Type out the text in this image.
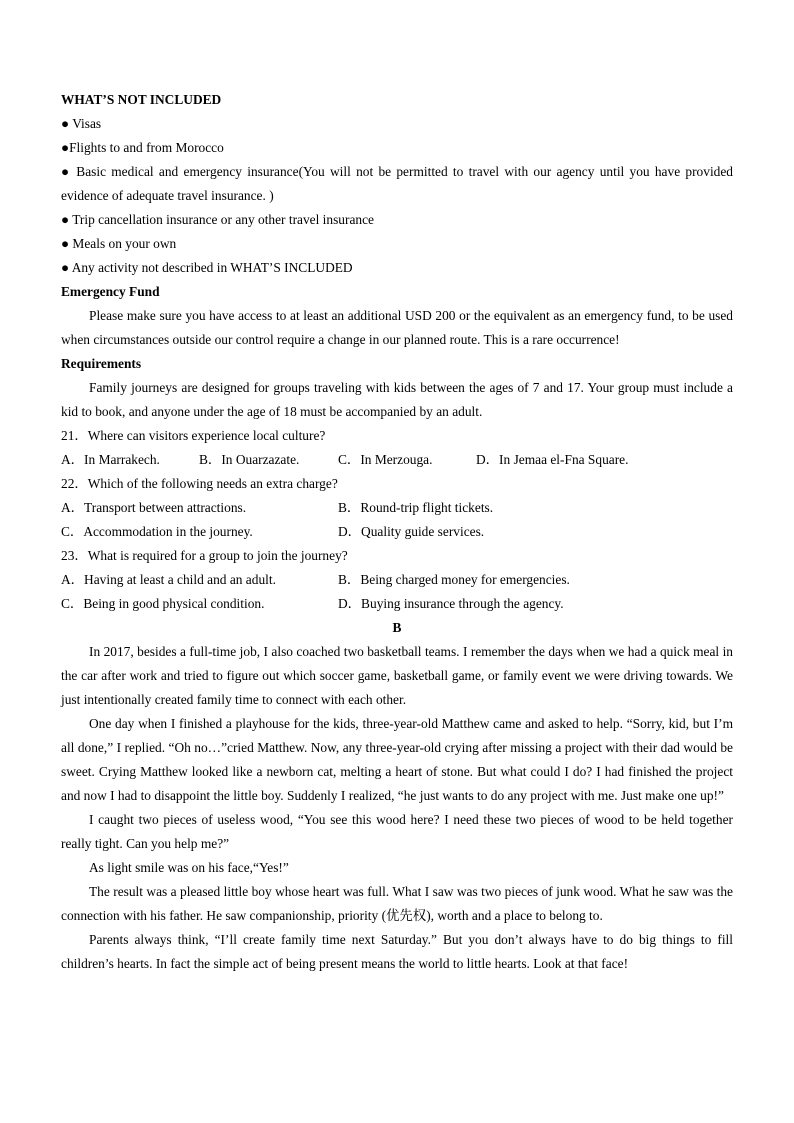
WHAT’S NOT INCLUDED
● Visas
●Flights to and from Morocco

● Basic medical and emergency insurance(You will not be permitted to travel with our agency until you have provided evidence of adequate travel insurance. )

● Trip cancellation insurance or any other travel insurance
● Meals on your own
● Any activity not described in WHAT’S INCLUDED
Emergency Fund

Please make sure you have access to at least an additional USD 200 or the equivalent as an emergency fund, to be used when circumstances outside our control require a change in our planned route. This is a rare occurrence!

Requirements

Family journeys are designed for groups traveling with kids between the ages of 7 and 17. Your group must include a kid to book, and anyone under the age of 18 must be accompanied by an adult.

21．Where can visitors experience local culture?
A．In Marrakech.	B．In Ouarzazate.	C．In Merzouga.	D．In Jemaa el-Fna Square.
22．Which of the following needs an extra charge?
A．Transport between attractions.	B．Round-trip flight tickets.
C．Accommodation in the journey.	D．Quality guide services.
23．What is required for a group to join the journey?
A．Having at least a child and an adult.	B．Being charged money for emergencies.
C．Being in good physical condition.	D．Buying insurance through the agency.
B

In 2017, besides a full-time job, I also coached two basketball teams. I remember the days when we had a quick meal in the car after work and tried to figure out which soccer game, basketball game, or family event we were driving towards. We just intentionally created family time to connect with each other.

One day when I finished a playhouse for the kids, three-year-old Matthew came and asked to help. “Sorry, kid, but I’m all done,” I replied. “Oh no…”cried Matthew. Now, any three-year-old crying after missing a project with their dad would be sweet. Crying Matthew looked like a newborn cat, melting a heart of stone. But what could I do? I had finished the project and now I had to disappoint the little boy. Suddenly I realized, “he just wants to do any project with me. Just make one up!”

I caught two pieces of useless wood, “You see this wood here? I need these two pieces of wood to be held together really tight. Can you help me?”

As light smile was on his face,“Yes!”

The result was a pleased little boy whose heart was full. What I saw was two pieces of junk wood. What he saw was the connection with his father. He saw companionship, priority (优先权), worth and a place to belong to.

Parents always think, “I’ll create family time next Saturday.” But you don’t always have to do big things to fill children’s hearts. In fact the simple act of being present means the world to little hearts. Look at that face!
